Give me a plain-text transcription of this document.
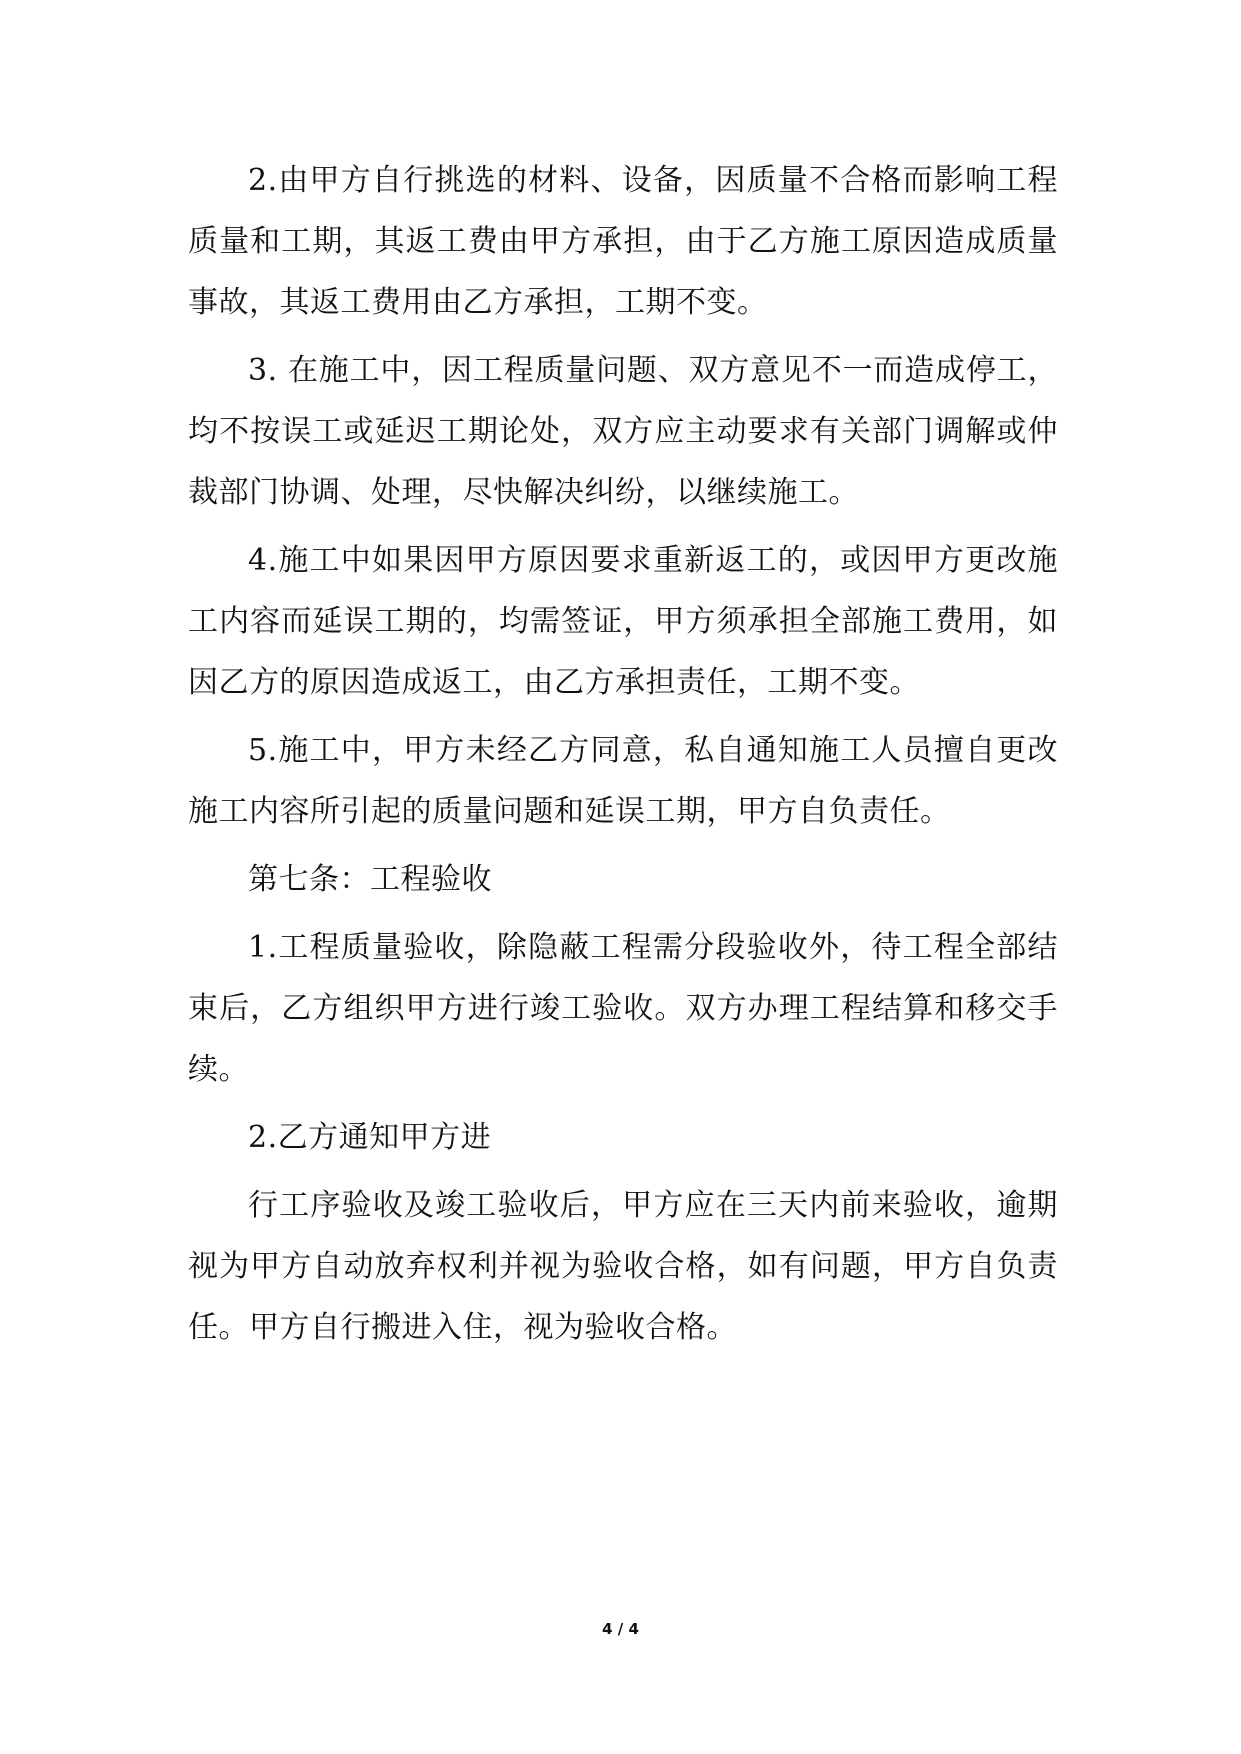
2.由甲方自行挑选的材料、设备，因质量不合格而影响工程质量和工期，其返工费由甲方承担，由于乙方施工原因造成质量事故，其返工费用由乙方承担，工期不变。

3. 在施工中，因工程质量问题、双方意见不一而造成停工，均不按误工或延迟工期论处，双方应主动要求有关部门调解或仲裁部门协调、处理，尽快解决纠纷，以继续施工。

4.施工中如果因甲方原因要求重新返工的，或因甲方更改施工内容而延误工期的，均需签证，甲方须承担全部施工费用，如因乙方的原因造成返工，由乙方承担责任，工期不变。

5.施工中，甲方未经乙方同意，私自通知施工人员擅自更改施工内容所引起的质量问题和延误工期，甲方自负责任。

第七条：工程验收

1.工程质量验收，除隐蔽工程需分段验收外，待工程全部结束后，乙方组织甲方进行竣工验收。双方办理工程结算和移交手续。

2.乙方通知甲方进

行工序验收及竣工验收后，甲方应在三天内前来验收，逾期视为甲方自动放弃权利并视为验收合格，如有问题，甲方自负责任。甲方自行搬进入住，视为验收合格。

4 / 4
